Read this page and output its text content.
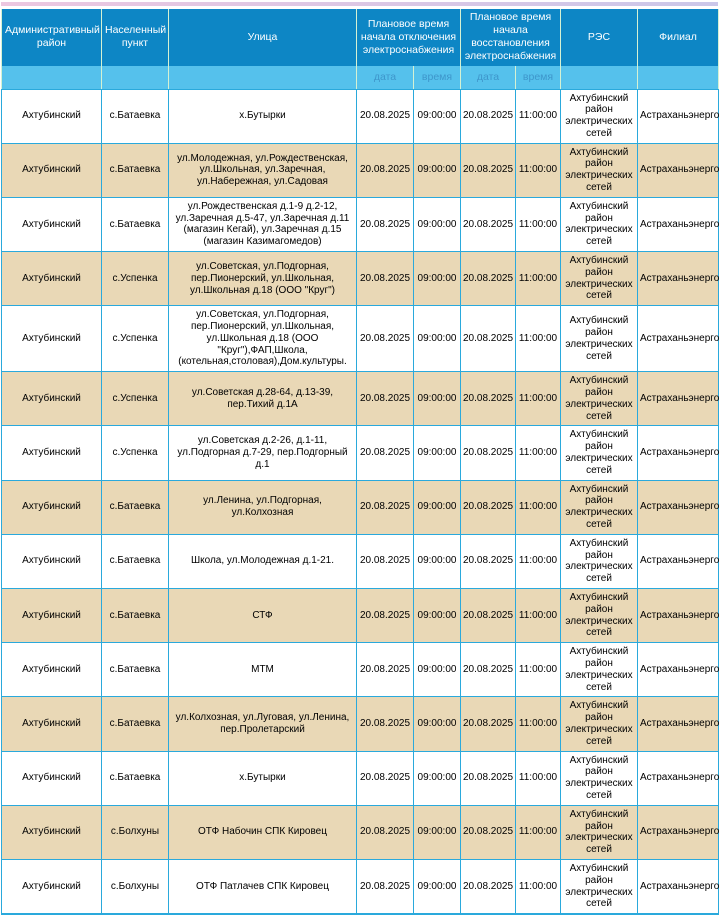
Административный район	Населенный пункт	Улица	Плановое время начала отключения электроснабжения		Плановое время начала восстановления электроснабжения		РЭС	Филиал
			дата	время	дата	время		
Ахтубинский	с.Батаевка	х.Бутырки	20.08.2025	09:00:00	20.08.2025	11:00:00	Ахтубинский район электрических сетей	Астраханьэнерго
Ахтубинский	с.Батаевка	ул.Молодежная, ул.Рождественская, ул.Школьная, ул.Заречная, ул.Набережная, ул.Садовая	20.08.2025	09:00:00	20.08.2025	11:00:00	Ахтубинский район электрических сетей	Астраханьэнерго
Ахтубинский	с.Батаевка	ул.Рождественская д.1-9 д.2-12, ул.Заречная д.5-47, ул.Заречная д.11 (магазин Кегай), ул.Заречная д.15 (магазин Казимагомедов)	20.08.2025	09:00:00	20.08.2025	11:00:00	Ахтубинский район электрических сетей	Астраханьэнерго
Ахтубинский	с.Успенка	ул.Советская, ул.Подгорная, пер.Пионерский, ул.Школьная, ул.Школьная д.18 (ООО "Круг")	20.08.2025	09:00:00	20.08.2025	11:00:00	Ахтубинский район электрических сетей	Астраханьэнерго
Ахтубинский	с.Успенка	ул.Советская, ул.Подгорная, пер.Пионерский, ул.Школьная, ул.Школьная д.18 (ООО "Круг"),ФАП,Школа, (котельная,столовая),Дом.культуры.	20.08.2025	09:00:00	20.08.2025	11:00:00	Ахтубинский район электрических сетей	Астраханьэнерго
Ахтубинский	с.Успенка	ул.Советская д.28-64, д.13-39, пер.Тихий д.1А	20.08.2025	09:00:00	20.08.2025	11:00:00	Ахтубинский район электрических сетей	Астраханьэнерго
Ахтубинский	с.Успенка	ул.Советская д.2-26, д.1-11, ул.Подгорная д.7-29, пер.Подгорный д.1	20.08.2025	09:00:00	20.08.2025	11:00:00	Ахтубинский район электрических сетей	Астраханьэнерго
Ахтубинский	с.Батаевка	ул.Ленина, ул.Подгорная, ул.Колхозная	20.08.2025	09:00:00	20.08.2025	11:00:00	Ахтубинский район электрических сетей	Астраханьэнерго
Ахтубинский	с.Батаевка	Школа, ул.Молодежная д.1-21.	20.08.2025	09:00:00	20.08.2025	11:00:00	Ахтубинский район электрических сетей	Астраханьэнерго
Ахтубинский	с.Батаевка	СТФ	20.08.2025	09:00:00	20.08.2025	11:00:00	Ахтубинский район электрических сетей	Астраханьэнерго
Ахтубинский	с.Батаевка	МТМ	20.08.2025	09:00:00	20.08.2025	11:00:00	Ахтубинский район электрических сетей	Астраханьэнерго
Ахтубинский	с.Батаевка	ул.Колхозная, ул.Луговая, ул.Ленина, пер.Пролетарский	20.08.2025	09:00:00	20.08.2025	11:00:00	Ахтубинский район электрических сетей	Астраханьэнерго
Ахтубинский	с.Батаевка	х.Бутырки	20.08.2025	09:00:00	20.08.2025	11:00:00	Ахтубинский район электрических сетей	Астраханьэнерго
Ахтубинский	с.Болхуны	ОТФ Набочин СПК Кировец	20.08.2025	09:00:00	20.08.2025	11:00:00	Ахтубинский район электрических сетей	Астраханьэнерго
Ахтубинский	с.Болхуны	ОТФ Патлачев СПК Кировец	20.08.2025	09:00:00	20.08.2025	11:00:00	Ахтубинский район электрических сетей	Астраханьэнерго
